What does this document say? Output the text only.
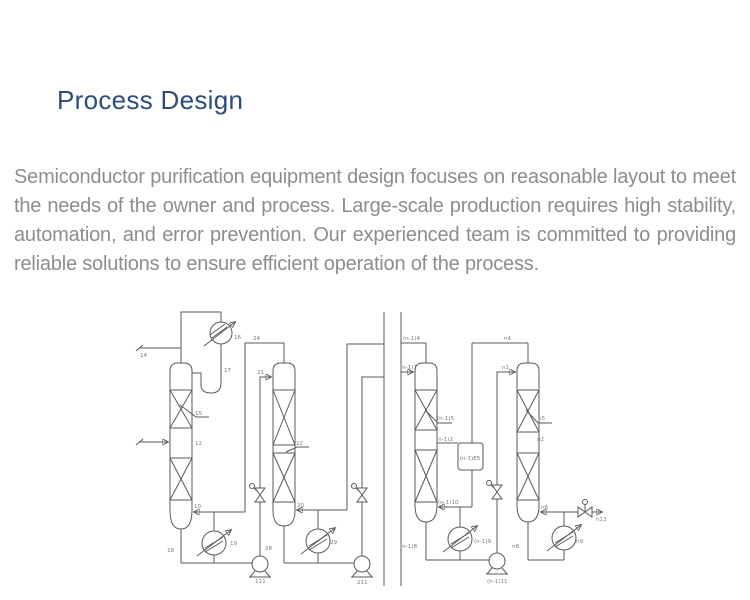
Process Design

Semiconductor purification equipment design focuses on reasonable layout to meet the needs of the owner and process. Large-scale production requires high stability, automation, and error prevention. Our experienced team is committed to providing reliable solutions to ensure efficient operation of the process.

14
16
17
15
12
10
18
19
111
24
21
22
20
28
29
211
(n-1)4
(n-1)1
(n-1)5
(n-1)2
(n-1)E5
(n-1)10
(n-1)8
(n-1)9
(n-1)11
n4
n1
n5
n2
n6
n8
n9
n13
